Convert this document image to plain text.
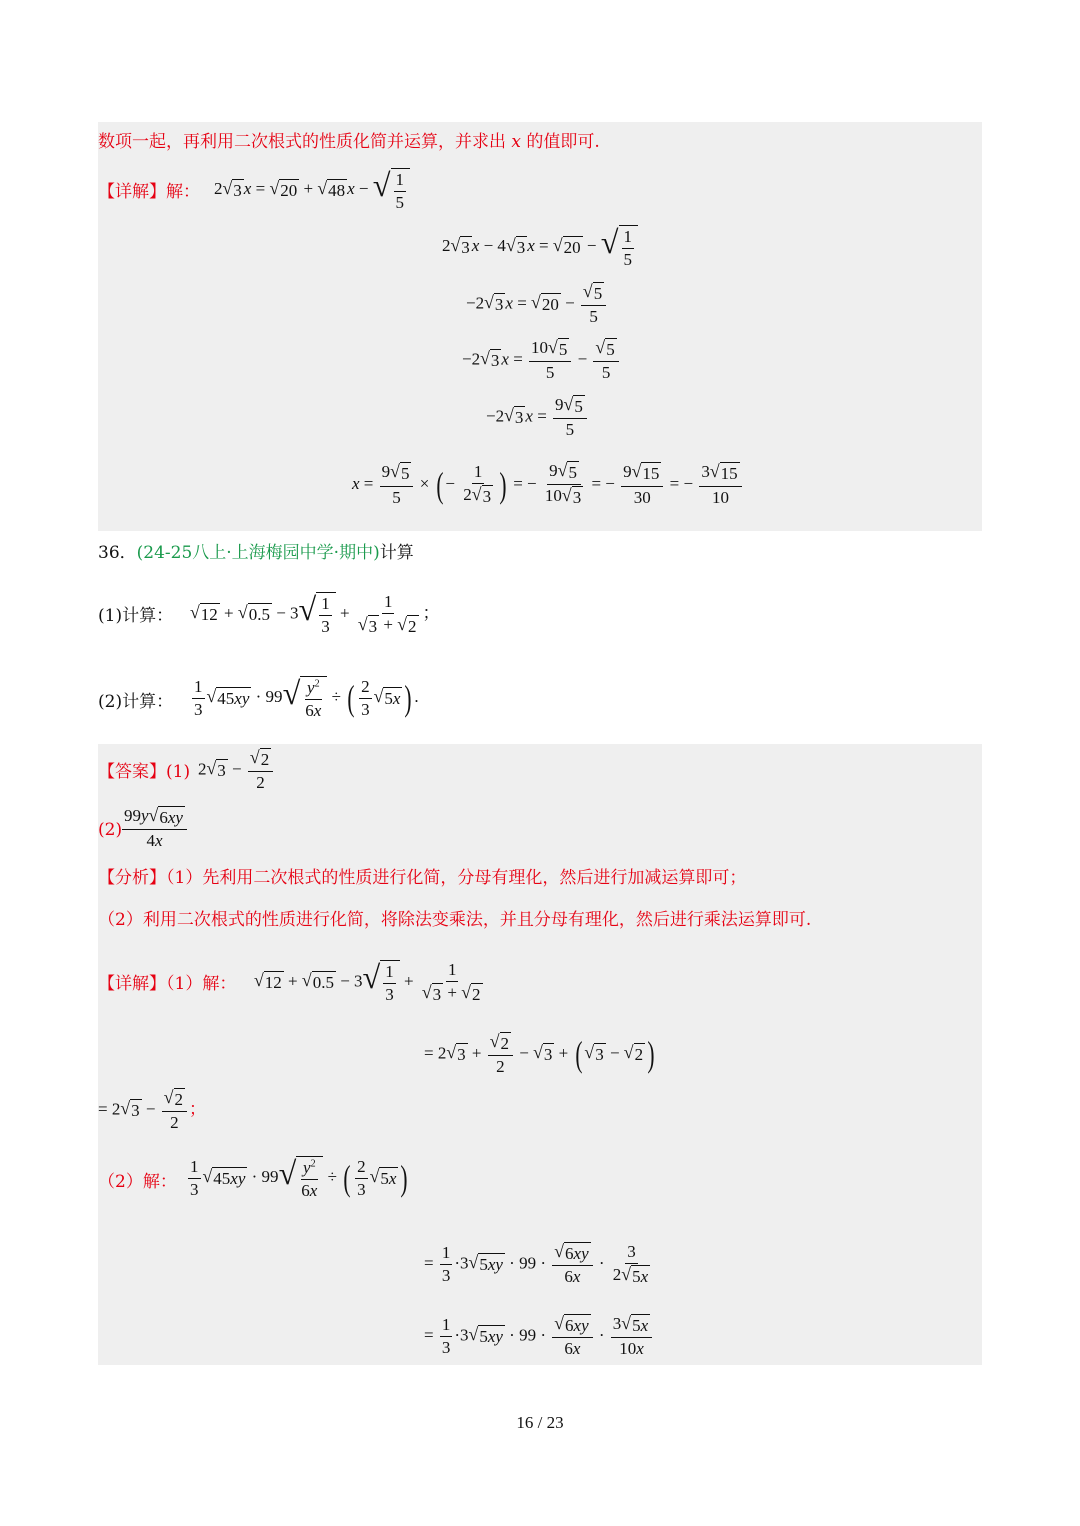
数项一起，再利用二次根式的性质化简并运算，并求出 x 的值即可.
【详解】解： 2 √ 3 x = √ 20 + √ 48 x − √ $\frac{1}{5}$
2 √ 3 x − 4 √ 3 x = √ 20 − √ $\frac{1}{5}$
−2 √ 3 x = √ $20 - \frac{√ 5}{5}$
−2 √ 3 $x = \frac{10 √ 5}{5} - \frac{√ 5}{5}$
−2 √ 3 $x = \frac{9 √ 5}{5}$
$x = \frac{9 √ 5}{5}$ × ( − $\frac{1}{2 √ 3}$ ) = − $\frac{9 √ 5}{10 √ 3}$ = − $\frac{9 √ 15}{30}$ = − $\frac{3 √ 15}{10}$
36．(24-25八上·上海梅园中学·期中)计算
(1)计算： √ 12 + √ 0.5 − 3 √ $\frac{1}{3} + \frac{1}{√ 3 + √ 2}$ ；
(2)计算： $\frac{1}{3}$ √ 45xy · 99 √ $\frac{y^2}{6x}$ ÷ ( $\frac{2}{3}$ √ 5x ) .
【答案】(1) 2 √ $3 - \frac{√ 2}{2}$
$(2) \frac{99y √ 6xy}{4x}$
【分析】（1）先利用二次根式的性质进行化简，分母有理化，然后进行加减运算即可；
（2）利用二次根式的性质进行化简，将除法变乘法，并且分母有理化，然后进行乘法运算即可.
【详解】（1）解： √ 12 + √ 0.5 − 3 √ $\frac{1}{3} + \frac{1}{√ 3 + √ 2}$
= 2 √ $3 + \frac{√ 2}{2}$ − √ 3 + ( √ 3 − √ 2 )
= 2 √ $3 - \frac{√ 2}{2}$ ；
（2）解： $\frac{1}{3}$ √ 45xy · 99 √ $\frac{y^2}{6x}$ ÷ ( $\frac{2}{3}$ √ 5x )
= $\frac{1}{3} \cdot 3$ √ $5xy \cdot 99 \cdot \frac{√ 6xy}{6x} \cdot \frac{3}{2 √ 5x}$
= $\frac{1}{3} \cdot 3$ √ $5xy \cdot 99 \cdot \frac{√ 6xy}{6x} \cdot \frac{3 √ 5x}{10x}$
16 / 23
